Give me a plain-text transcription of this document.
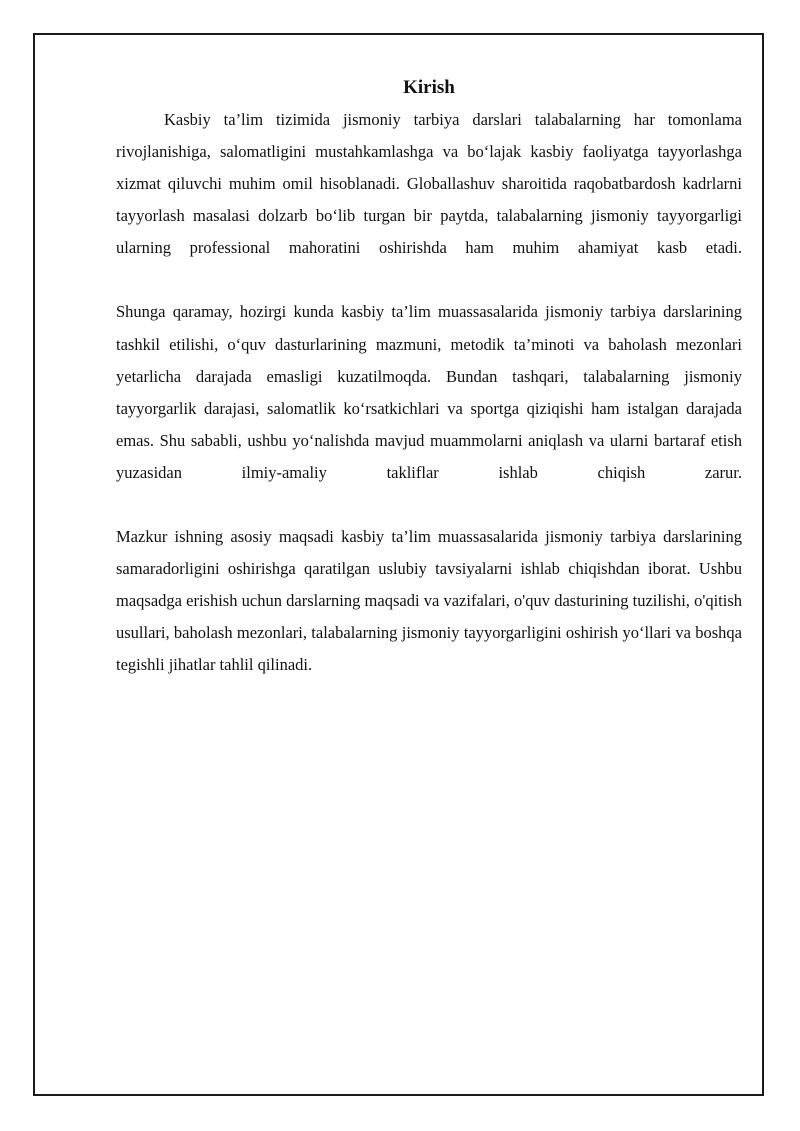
Kirish

Kasbiy ta’lim tizimida jismoniy tarbiya darslari talabalarning har tomonlama rivojlanishiga, salomatligini mustahkamlashga va bo‘lajak kasbiy faoliyatga tayyorlashga xizmat qiluvchi muhim omil hisoblanadi. Globallashuv sharoitida raqobatbardosh kadrlarni tayyorlash masalasi dolzarb bo‘lib turgan bir paytda, talabalarning jismoniy tayyorgarligi ularning professional mahoratini oshirishda ham muhim ahamiyat kasb etadi.

Shunga qaramay, hozirgi kunda kasbiy ta’lim muassasalarida jismoniy tarbiya darslarining tashkil etilishi, o‘quv dasturlarining mazmuni, metodik ta’minoti va baholash mezonlari yetarlicha darajada emasligi kuzatilmoqda. Bundan tashqari, talabalarning jismoniy tayyorgarlik darajasi, salomatlik ko‘rsatkichlari va sportga qiziqishi ham istalgan darajada emas. Shu sababli, ushbu yo‘nalishda mavjud muammolarni aniqlash va ularni bartaraf etish yuzasidan ilmiy-amaliy takliflar ishlab chiqish zarur.

Mazkur ishning asosiy maqsadi kasbiy ta’lim muassasalarida jismoniy tarbiya darslarining samaradorligini oshirishga qaratilgan uslubiy tavsiyalarni ishlab chiqishdan iborat. Ushbu maqsadga erishish uchun darslarning maqsadi va vazifalari, o'quv dasturining tuzilishi, o'qitish usullari, baholash mezonlari, talabalarning jismoniy tayyorgarligini oshirish yo‘llari va boshqa tegishli jihatlar tahlil qilinadi.
